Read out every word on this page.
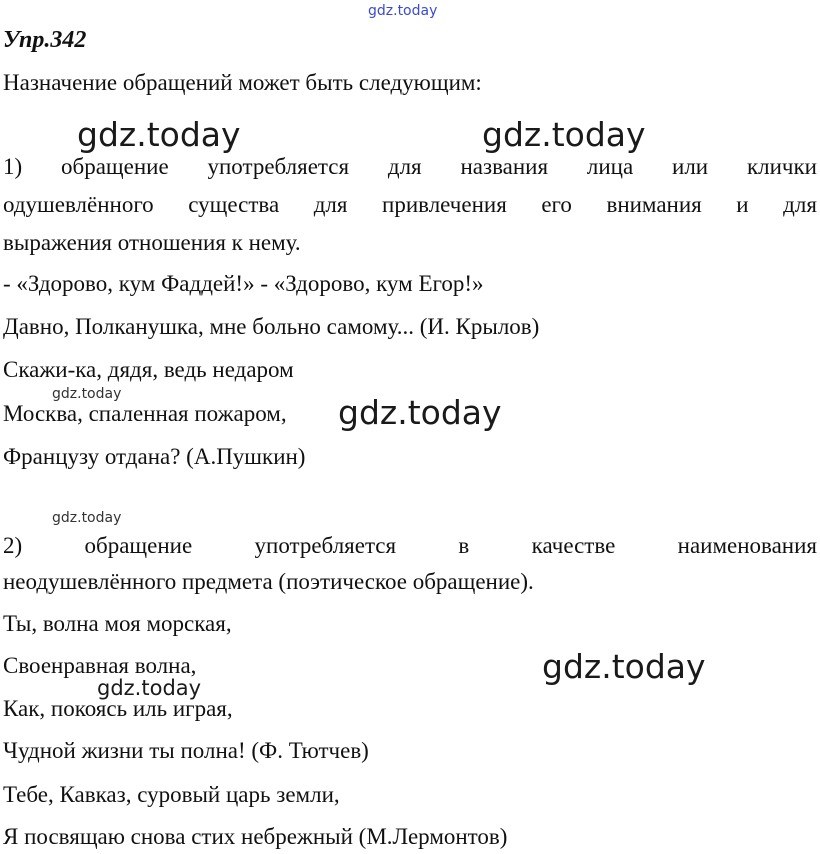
gdz.today
gdz.today	gdz.today
gdz.today
gdz.today
gdz.today
gdz.today
gdz.today
Упр.342
Назначение обращений может быть следующим:
1) обращение употребляется для названия лица или клички
одушевлённого существа для привлечения его внимания и для
выражения отношения к нему.
- «Здорово, кум Фаддей!» - «Здорово, кум Егор!»
Давно, Полканушка, мне больно самому... (И. Крылов)
Скажи-ка, дядя, ведь недаром
Москва, спаленная пожаром,
Французу отдана? (А.Пушкин)
2)	обращение	употребляется	в	качестве	наименования
неодушевлённого предмета (поэтическое обращение).
Ты, волна моя морская,
Своенравная волна,
Как, покоясь иль играя,
Чудной жизни ты полна! (Ф. Тютчев)
Тебе, Кавказ, суровый царь земли,
Я посвящаю снова стих небрежный (М.Лермонтов)
